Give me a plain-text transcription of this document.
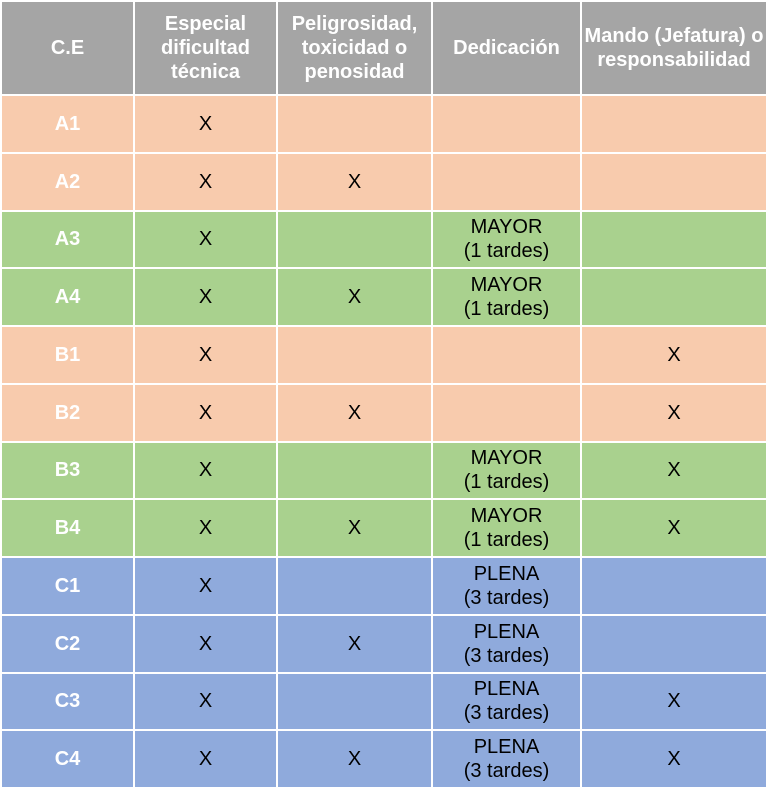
C.E	Especial dificultad técnica	Peligrosidad, toxicidad o penosidad	Dedicación	Mando (Jefatura) o responsabilidad
A1	X		

A2	X	X	

A3	X		MAYOR
(1 tardes)	

A4	X	X	MAYOR
(1 tardes)	

B1	X			X
B2	X	X		X
B3	X		MAYOR
(1 tardes)	X
B4	X	X	MAYOR
(1 tardes)	X
C1	X		PLENA
(3 tardes)	

C2	X	X	PLENA
(3 tardes)	

C3	X		PLENA
(3 tardes)	X
C4	X	X	PLENA
(3 tardes)	X
